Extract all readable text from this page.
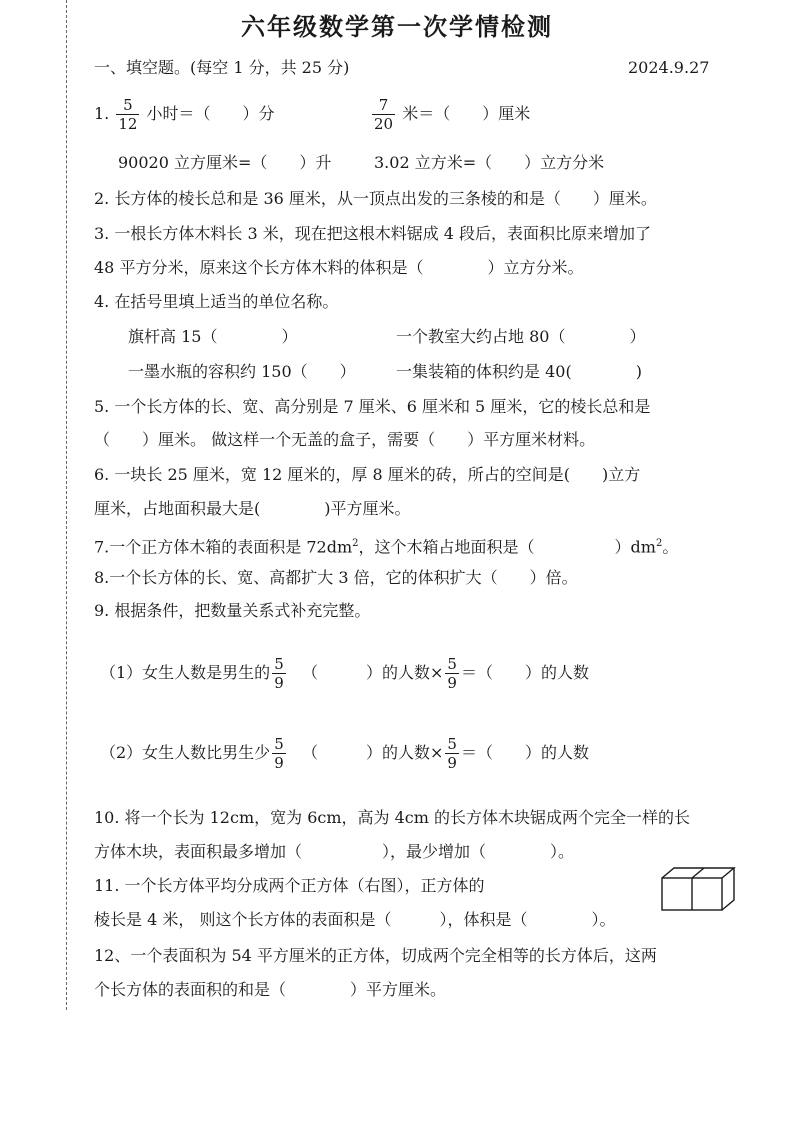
六年级数学第一次学情检测
一、填空题。(每空 1 分，共 25 分)	2024.9.27
1. $\frac{5}{12}$ 小时＝（　　）分	$\frac{7}{20}$ 米＝（　　）厘米
90020 立方厘米=（　　）升	3.02 立方米=（　　）立方分米
2. 长方体的棱长总和是 36 厘米，从一顶点出发的三条棱的和是（　　）厘米。
3. 一根长方体木料长 3 米，现在把这根木料锯成 4 段后，表面积比原来增加了
48 平方分米，原来这个长方体木料的体积是（　　　　）立方分米。
4. 在括号里填上适当的单位名称。
旗杆高 15（　　　　）	一个教室大约占地 80（　　　　）
一墨水瓶的容积约 150（　　）	一集装箱的体积约是 40(　　　　)
5. 一个长方体的长、宽、高分别是 7 厘米、6 厘米和 5 厘米，它的棱长总和是
（　　）厘米。 做这样一个无盖的盒子，需要（　　）平方厘米材料。
6. 一块长 25 厘米，宽 12 厘米的，厚 8 厘米的砖，所占的空间是(　　)立方
厘米，占地面积最大是(　　　　)平方厘米。
7.一个正方体木箱的表面积是 $72dm^2$，这个木箱占地面积是（　　　　　）$dm^2$。
8.一个长方体的长、宽、高都扩大 3 倍，它的体积扩大（　　）倍。
9. 根据条件，把数量关系式补充完整。
（1）女生人数是男生的 $\frac{5}{9}$ （　　　）的人数× $\frac{5}{9}$ ＝（　　）的人数
（2）女生人数比男生少 $\frac{5}{9}$ （　　　）的人数× $\frac{5}{9}$ ＝（　　）的人数
10. 将一个长为 12cm，宽为 6cm，高为 4cm 的长方体木块锯成两个完全一样的长
方体木块，表面积最多增加（　　　　　），最少增加（　　　　）。
11. 一个长方体平均分成两个正方体（右图），正方体的
棱长是 4 米， 则这个长方体的表面积是（　　　），体积是（　　　　）。
12、一个表面积为 54 平方厘米的正方体，切成两个完全相等的长方体后，这两
个长方体的表面积的和是（　　　　）平方厘米。
